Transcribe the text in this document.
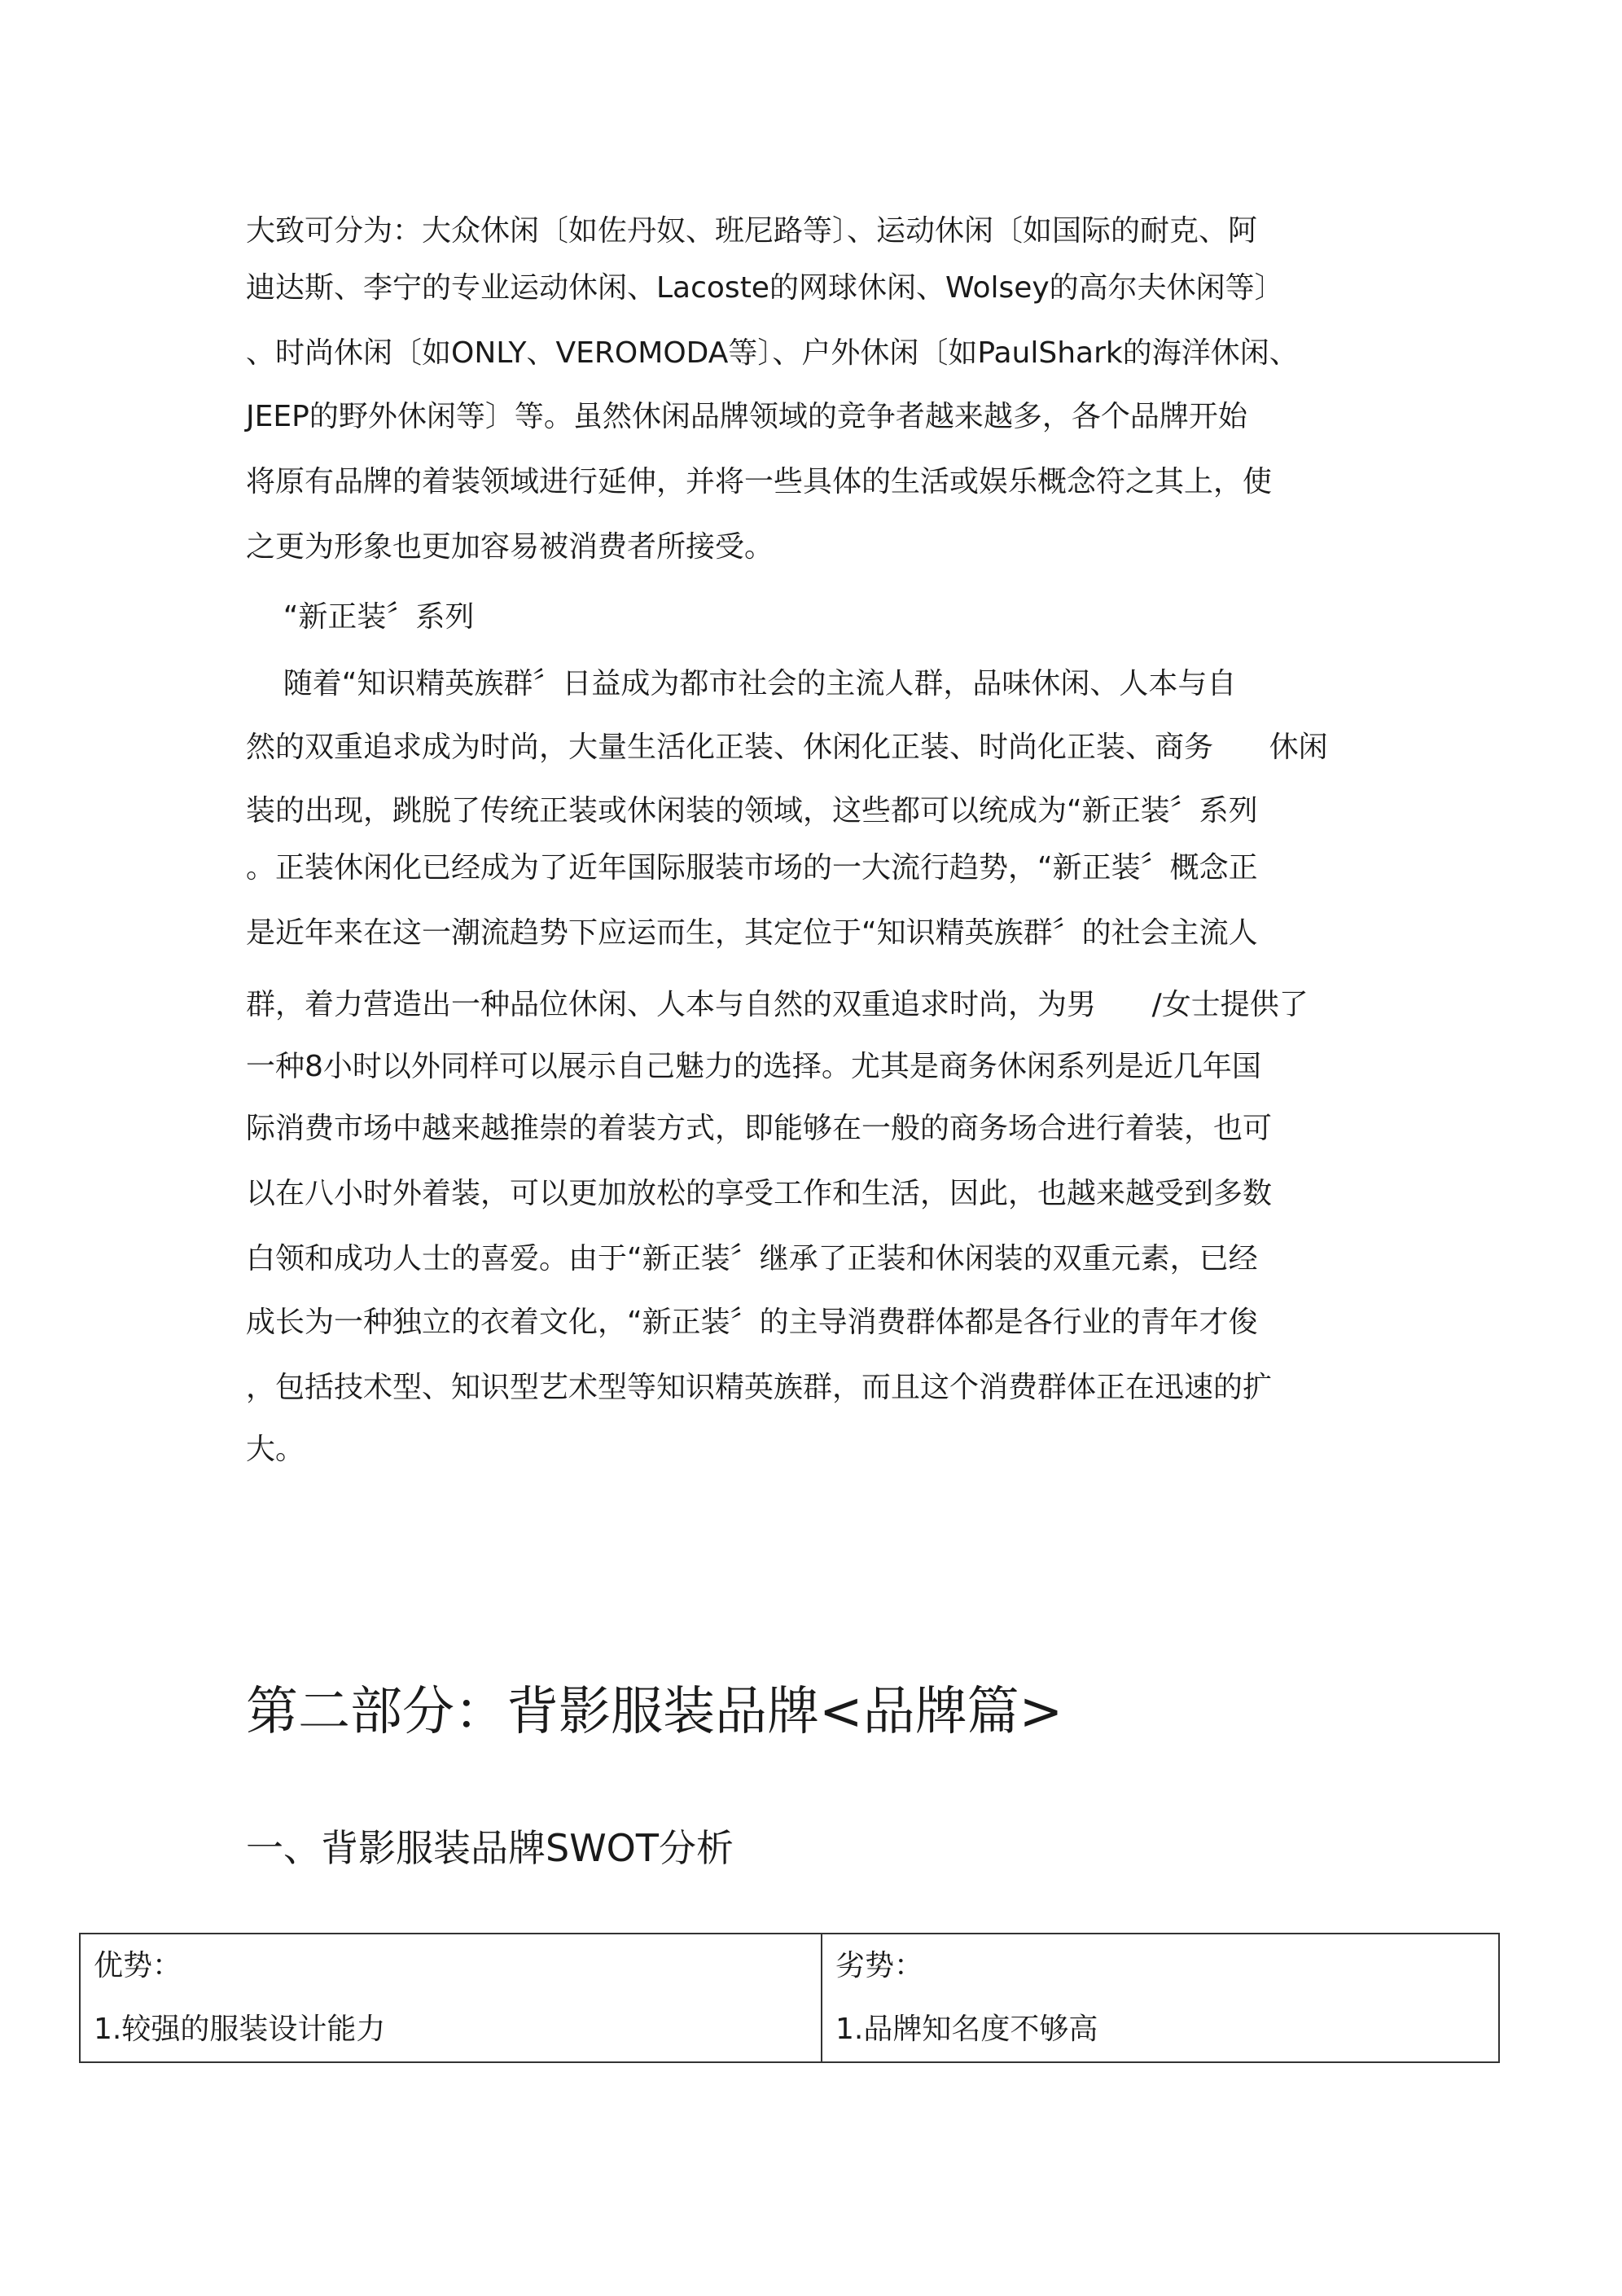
大致可分为：大众休闲〔如佐丹奴、班尼路等〕、运动休闲〔如国际的耐克、阿

迪达斯、李宁的专业运动休闲、Lacoste的网球休闲、Wolsey的高尔夫休闲等〕

、时尚休闲〔如ONLY、VEROMODA等〕、户外休闲〔如PaulShark的海洋休闲、

JEEP的野外休闲等〕等。虽然休闲品牌领域的竞争者越来越多，各个品牌开始

将原有品牌的着装领域进行延伸，并将一些具体的生活或娱乐概念符之其上，使

之更为形象也更加容易被消费者所接受。

“新正装〞系列

随着“知识精英族群〞日益成为都市社会的主流人群，品味休闲、人本与自

然的双重追求成为时尚，大量生活化正装、休闲化正装、时尚化正装、商务      休闲

装的出现，跳脱了传统正装或休闲装的领域，这些都可以统成为“新正装〞系列

。正装休闲化已经成为了近年国际服装市场的一大流行趋势，“新正装〞概念正

是近年来在这一潮流趋势下应运而生，其定位于“知识精英族群〞的社会主流人

群，着力营造出一种品位休闲、人本与自然的双重追求时尚，为男      /女士提供了

一种8小时以外同样可以展示自己魅力的选择。尤其是商务休闲系列是近几年国

际消费市场中越来越推崇的着装方式，即能够在一般的商务场合进行着装，也可

以在八小时外着装，可以更加放松的享受工作和生活，因此，也越来越受到多数

白领和成功人士的喜爱。由于“新正装〞继承了正装和休闲装的双重元素，已经

成长为一种独立的衣着文化，“新正装〞的主导消费群体都是各行业的青年才俊

，包括技术型、知识型艺术型等知识精英族群，而且这个消费群体正在迅速的扩

大。

第二部分：背影服装品牌<品牌篇>
一、背影服装品牌SWOT分析
优势：
1.较强的服装设计能力

劣势：
1.品牌知名度不够高
